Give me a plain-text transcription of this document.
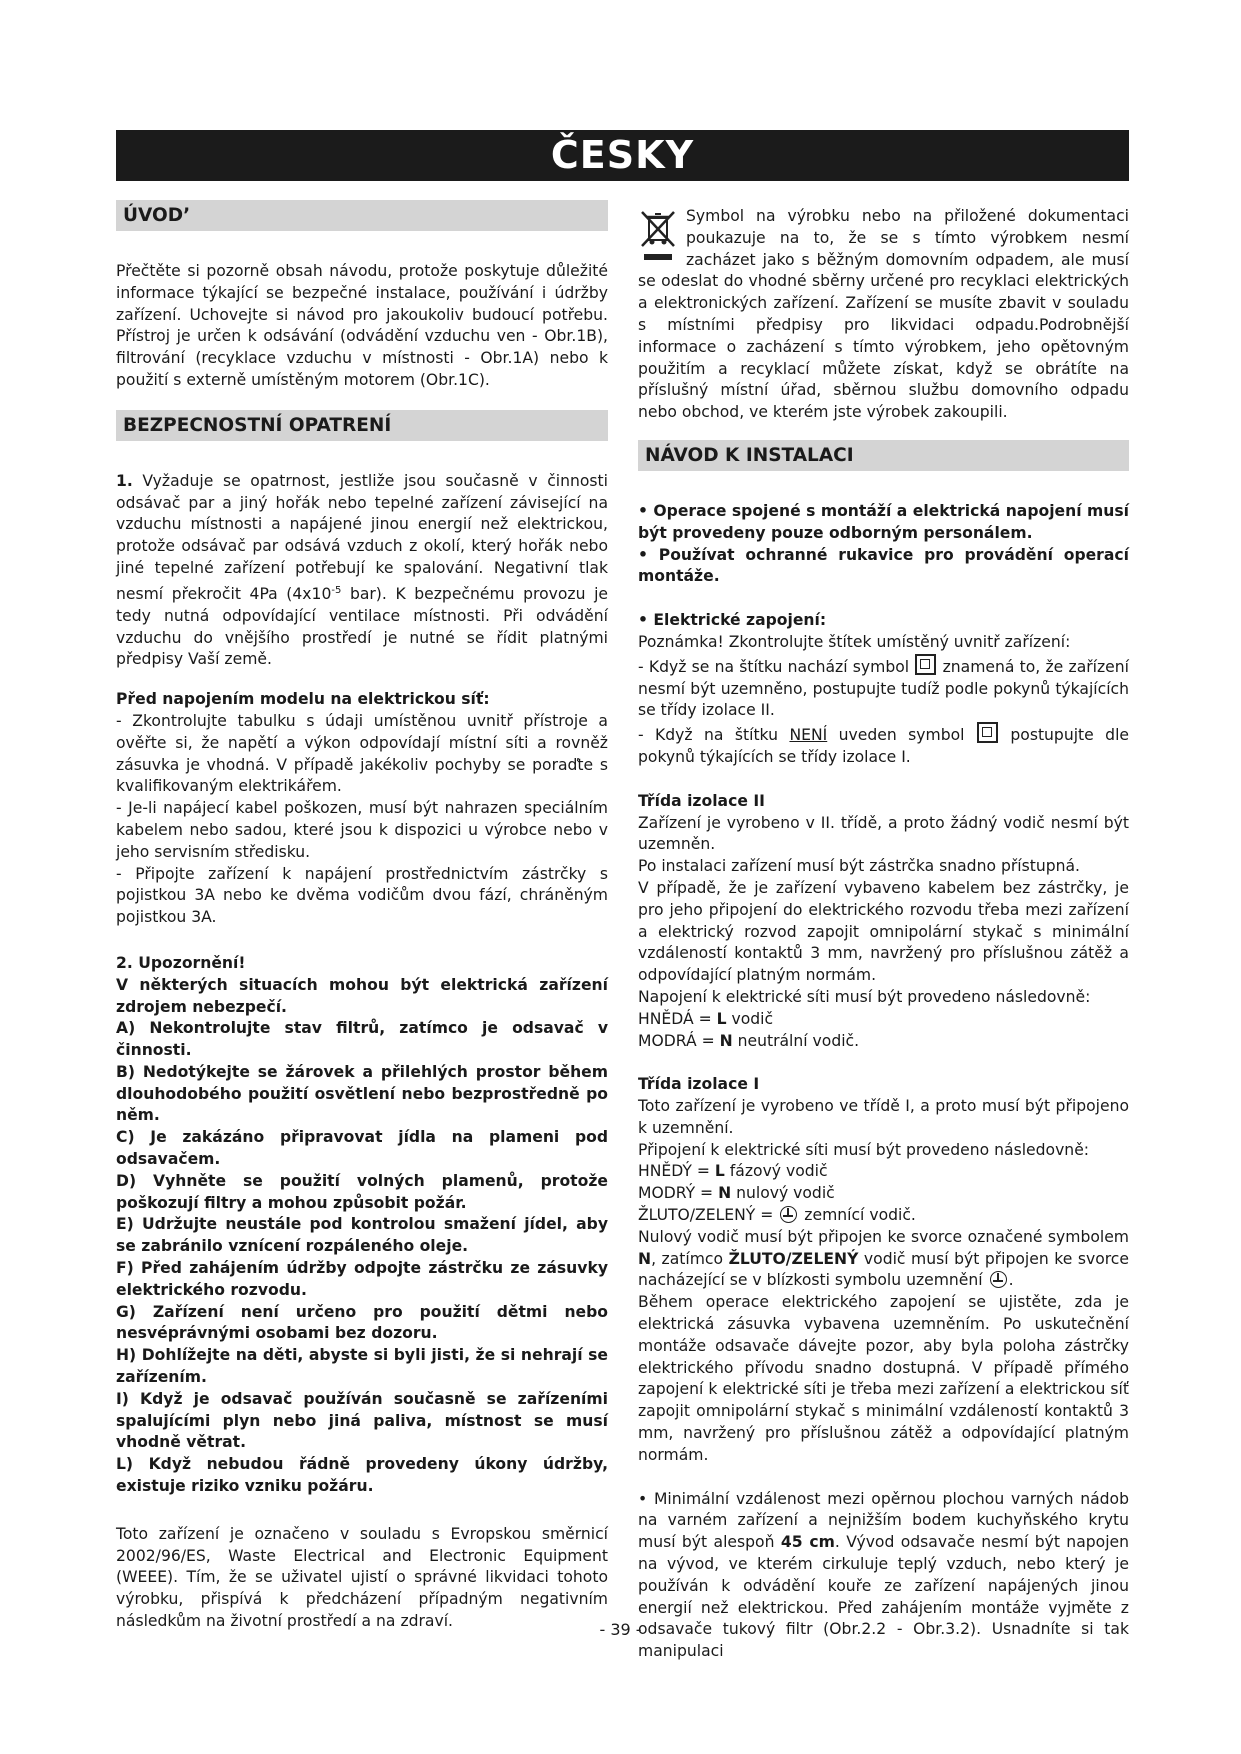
ČESKY
ÚVOD’

Přečtěte si pozorně obsah návodu, protože poskytuje důležité informace týkající se bezpečné instalace, používání i údržby zařízení. Uchovejte si návod pro jakoukoliv budoucí potřebu. Přístroj je určen k odsávání (odvádění vzduchu ven - Obr.1B), filtrování (recyklace vzduchu v místnosti - Obr.1A) nebo k použití s externě umístěným motorem (Obr.1C).

BEZPECNOSTNÍ OPATRENÍ

1. Vyžaduje se opatrnost, jestliže jsou současně v činnosti odsávač par a jiný hořák nebo tepelné zařízení závisející na vzduchu místnosti a napájené jinou energií než elektrickou, protože odsávač par odsává vzduch z okolí, který hořák nebo jiné tepelné zařízení potřebují ke spalování. Negativní tlak nesmí překročit 4Pa ($4x10^{-5}$ bar). K bezpečnému provozu je tedy nutná odpovídající ventilace místnosti. Při odvádění vzduchu do vnějšího prostředí je nutné se řídit platnými předpisy Vaší země.

Před napojením modelu na elektrickou síť:

- Zkontrolujte tabulku s údaji umístěnou uvnitř přístroje a ověřte si, že napětí a výkon odpovídají místní síti a rovněž zásuvka je vhodná. V případě jakékoliv pochyby se poraďte s kvalifikovaným elektrikářem.

- Je-li napájecí kabel poškozen, musí být nahrazen speciálním kabelem nebo sadou, které jsou k dispozici u výrobce nebo v jeho servisním středisku.

- Připojte zařízení k napájení prostřednictvím zástrčky s pojistkou 3A nebo ke dvěma vodičům dvou fází, chráněným pojistkou 3A.

2. Upozornění!

V některých situacích mohou být elektrická zařízení zdrojem nebezpečí.

A) Nekontrolujte stav filtrů, zatímco je odsavač v činnosti.

B) Nedotýkejte se žárovek a přilehlých prostor během dlouhodobého použití osvětlení nebo bezprostředně po něm.

C) Je zakázáno připravovat jídla na plameni pod odsavačem.

D) Vyhněte se použití volných plamenů, protože poškozují filtry a mohou způsobit požár.

E) Udržujte neustále pod kontrolou smažení jídel, aby se zabránilo vznícení rozpáleného oleje.

F) Před zahájením údržby odpojte zástrčku ze zásuvky elektrického rozvodu.

G) Zařízení není určeno pro použití dětmi nebo nesvéprávnými osobami bez dozoru.

H) Dohlížejte na děti, abyste si byli jisti, že si nehrají se zařízením.

I) Když je odsavač používán současně se zařízeními spalujícími plyn nebo jiná paliva, místnost se musí vhodně větrat.

L) Když nebudou řádně provedeny úkony údržby, existuje riziko vzniku požáru.

Toto zařízení je označeno v souladu s Evropskou směrnicí 2002/96/ES, Waste Electrical and Electronic Equipment (WEEE). Tím, že se uživatel ujistí o správné likvidaci tohoto výrobku, přispívá k předcházení případným negativním následkům na životní prostředí a na zdraví.

Symbol na výrobku nebo na přiložené dokumentaci poukazuje na to, že se s tímto výrobkem nesmí zacházet jako s běžným domovním odpadem, ale musí se odeslat do vhodné sběrny určené pro recyklaci elektrických a elektronických zařízení. Zařízení se musíte zbavit v souladu s místními předpisy pro likvidaci odpadu.Podrobnější informace o zacházení s tímto výrobkem, jeho opětovným použitím a recyklací můžete získat, když se obrátíte na příslušný místní úřad, sběrnou službu domovního odpadu nebo obchod, ve kterém jste výrobek zakoupili.

NÁVOD K INSTALACI

• Operace spojené s montáží a elektrická napojení musí být provedeny pouze odborným personálem.

• Používat ochranné rukavice pro provádění operací montáže.

• Elektrické zapojení:

Poznámka! Zkontrolujte štítek umístěný uvnitř zařízení:

- Když se na štítku nachází symbol znamená to, že zařízení nesmí být uzemněno, postupujte tudíž podle pokynů týkajících se třídy izolace II.

- Když na štítku NENÍ uveden symbol	postupujte dle pokynů týkajících se třídy izolace I.

Třída izolace II

Zařízení je vyrobeno v II. třídě, a proto žádný vodič nesmí být uzemněn.

Po instalaci zařízení musí být zástrčka snadno přístupná.

V případě, že je zařízení vybaveno kabelem bez zástrčky, je pro jeho připojení do elektrického rozvodu třeba mezi zařízení a elektrický rozvod zapojit omnipolární stykač s minimální vzdáleností kontaktů 3 mm, navržený pro příslušnou zátěž a odpovídající platným normám.

Napojení k elektrické síti musí být provedeno následovně:

HNĚDÁ = L vodič

MODRÁ = N neutrální vodič.

Třída izolace I

Toto zařízení je vyrobeno ve třídě I, a proto musí být připojeno k uzemnění.

Připojení k elektrické síti musí být provedeno následovně:

HNĚDÝ = L fázový vodič

MODRÝ = N nulový vodič

ŽLUTO/ZELENÝ = zemnící vodič.

Nulový vodič musí být připojen ke svorce označené symbolem N, zatímco ŽLUTO/ZELENÝ vodič musí být připojen ke svorce nacházející se v blízkosti symbolu uzemnění .

Během operace elektrického zapojení se ujistěte, zda je elektrická zásuvka vybavena uzemněním. Po uskutečnění montáže odsavače dávejte pozor, aby byla poloha zástrčky elektrického přívodu snadno dostupná. V případě přímého zapojení k elektrické síti je třeba mezi zařízení a elektrickou síť zapojit omnipolární stykač s minimální vzdáleností kontaktů 3 mm, navržený pro příslušnou zátěž a odpovídající platným normám.

• Minimální vzdálenost mezi opěrnou plochou varných nádob na varném zařízení a nejnižším bodem kuchyňského krytu musí být alespoň 45 cm. Vývod odsavače nesmí být napojen na vývod, ve kterém cirkuluje teplý vzduch, nebo který je používán k odvádění kouře ze zařízení napájených jinou energií než elektrickou. Před zahájením montáže vyjměte z odsavače tukový filtr (Obr.2.2 - Obr.3.2). Usnadníte si tak manipulaci

- 39 -
